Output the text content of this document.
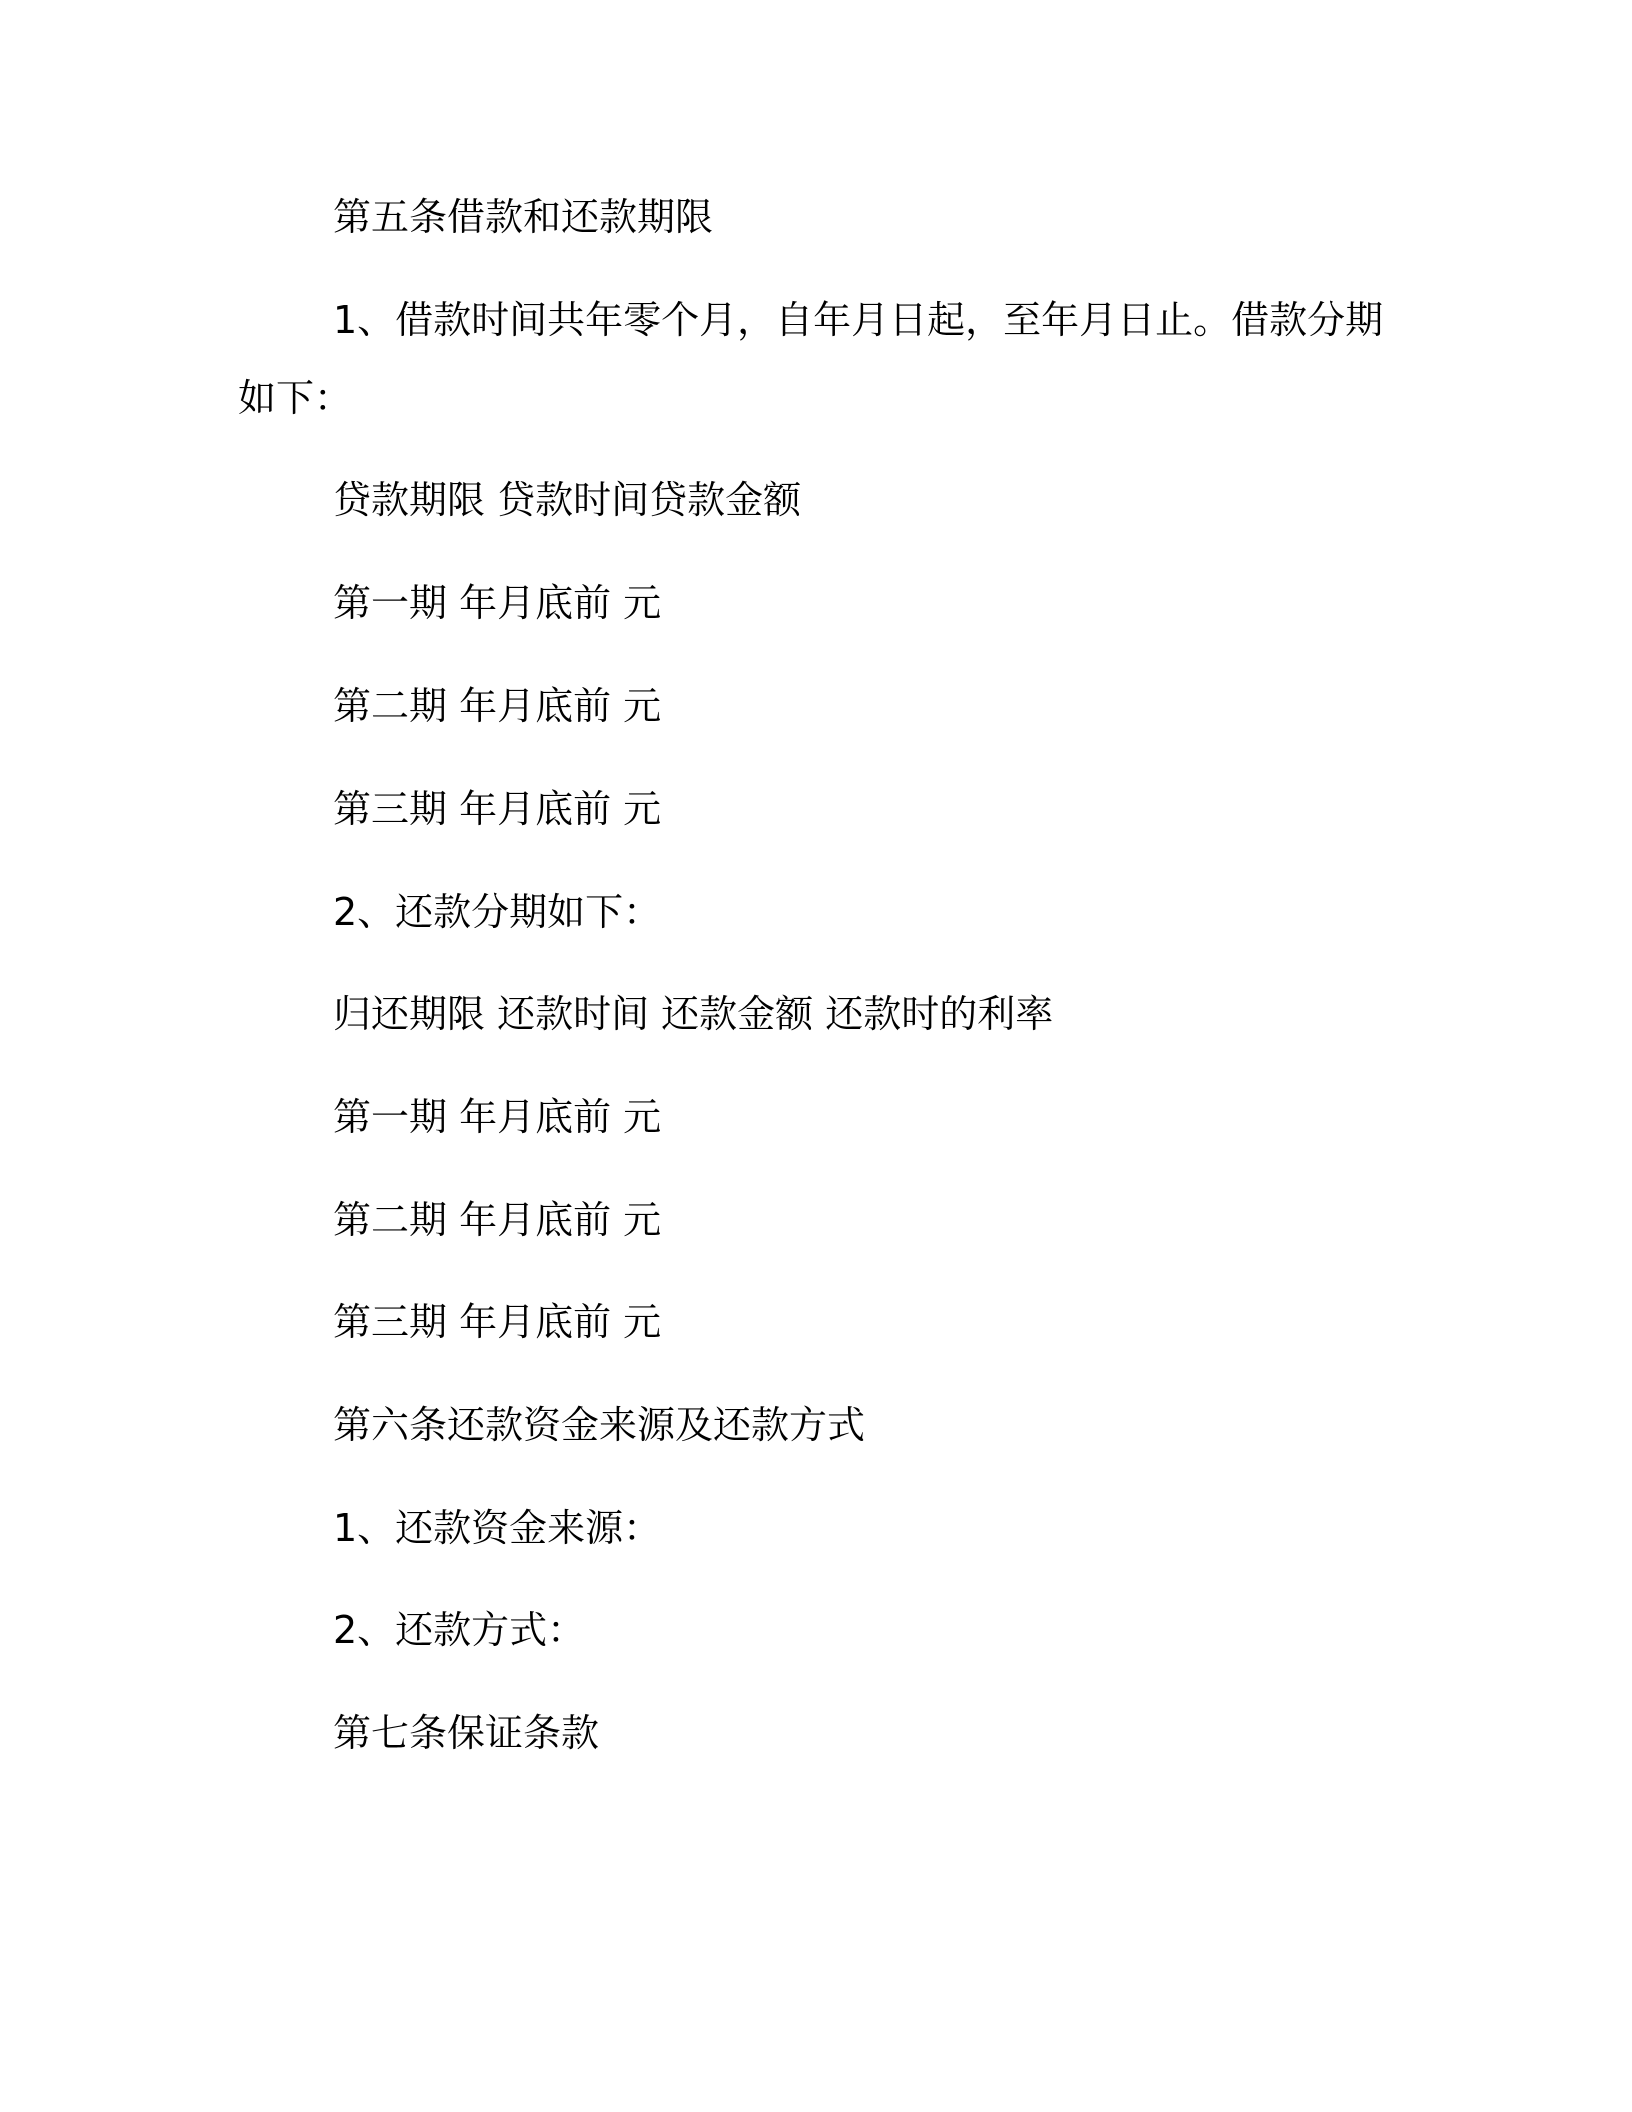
第五条借款和还款期限
1、借款时间共年零个月，自年月日起，至年月日止。借款分期
如下：
贷款期限 贷款时间贷款金额
第一期 年月底前 元
第二期 年月底前 元
第三期 年月底前 元
2、还款分期如下：
归还期限 还款时间 还款金额 还款时的利率
第一期 年月底前 元
第二期 年月底前 元
第三期 年月底前 元
第六条还款资金来源及还款方式
1、还款资金来源：
2、还款方式：
第七条保证条款
